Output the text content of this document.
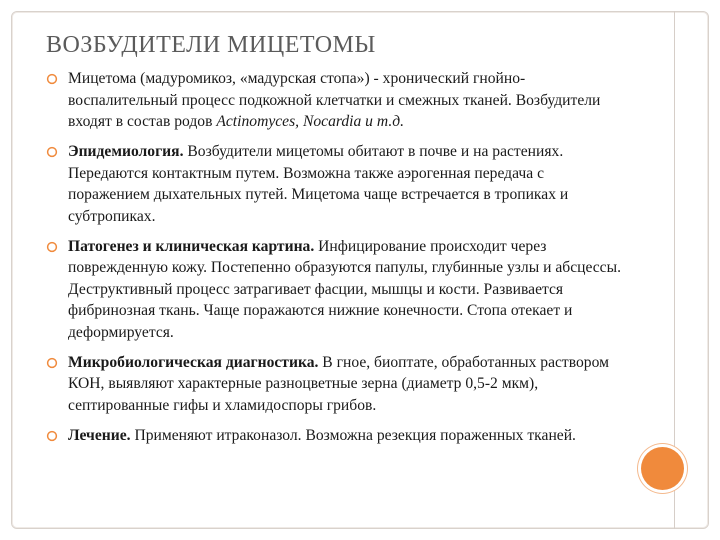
ВОЗБУДИТЕЛИ МИЦЕТОМЫ

Мицетома (мадуромикоз, «мадурская стопа») - хронический гнойно-воспалительный процесс подкожной клетчатки и смежных тканей. Возбудители входят в состав родов Actinomyces, Nocardia и т.д.

Эпидемиология. Возбудители мицетомы обитают в почве и на растениях. Передаются контактным путем. Возможна также аэрогенная передача с поражением дыхательных путей. Мицетома чаще встречается в тропиках и субтропиках.

Патогенез и клиническая картина. Инфицирование происходит через поврежденную кожу. Постепенно образуются папулы, глубинные узлы и абсцессы. Деструктивный процесс затрагивает фасции, мышцы и кости. Развивается фибринозная ткань. Чаще поражаются нижние конечности. Стопа отекает и деформируется.

Микробиологическая диагностика. В гное, биоптате, обработанных раствором КОН, выявляют характерные разноцветные зерна (диаметр 0,5-2 мкм), септированные гифы и хламидоспоры грибов.

Лечение. Применяют итраконазол. Возможна резекция пораженных тканей.
